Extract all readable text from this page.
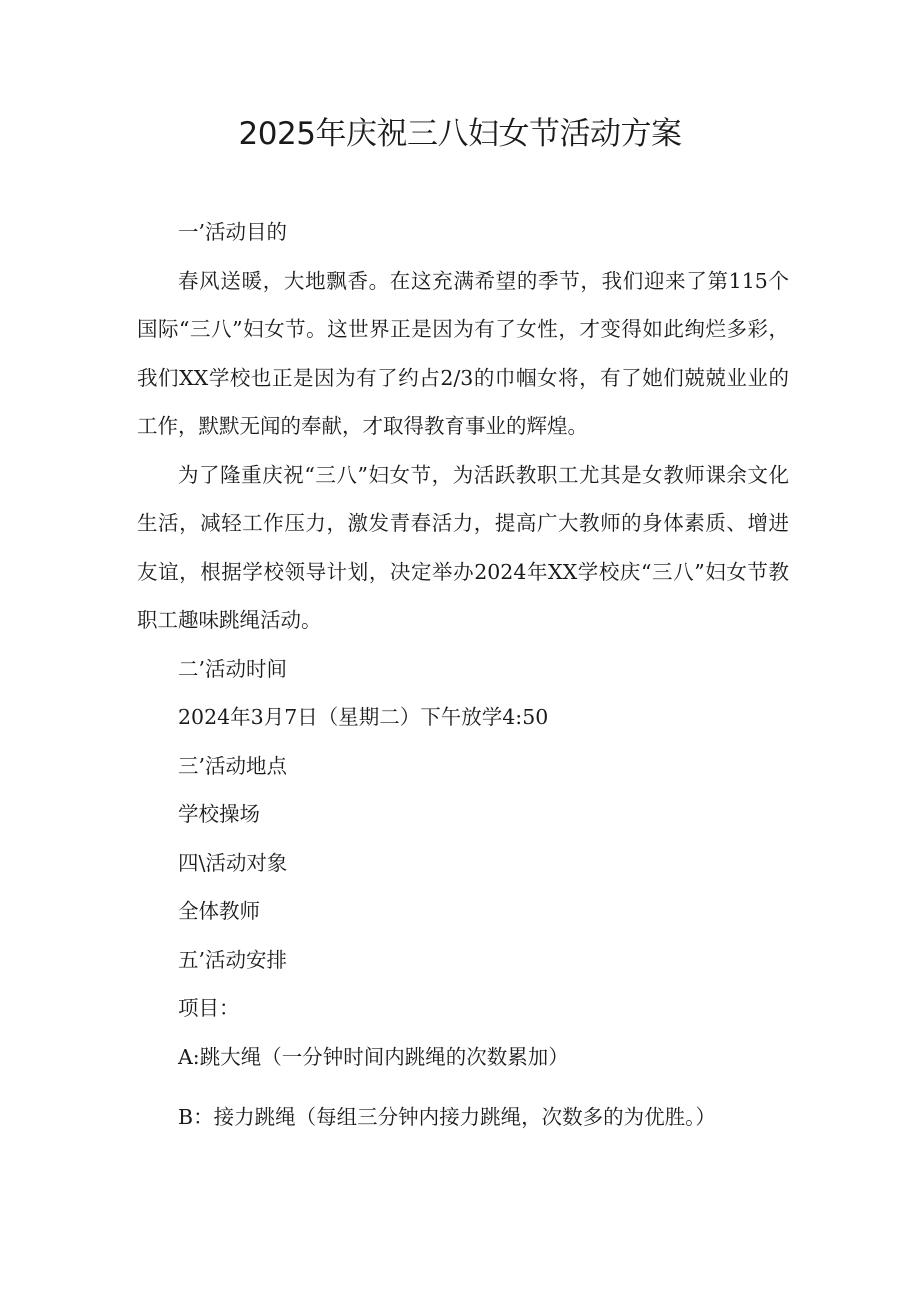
2025年庆祝三八妇女节活动方案

一’活动目的

春风送暖，大地飘香。在这充满希望的季节，我们迎来了第115个国际“三八”妇女节。这世界正是因为有了女性，才变得如此绚烂多彩，我们XX学校也正是因为有了约占2/3的巾帼女将，有了她们兢兢业业的工作，默默无闻的奉献，才取得教育事业的辉煌。

为了隆重庆祝“三八”妇女节，为活跃教职工尤其是女教师课余文化生活，减轻工作压力，激发青春活力，提高广大教师的身体素质、增进友谊，根据学校领导计划，决定举办2024年XX学校庆“三八”妇女节教职工趣味跳绳活动。

二’活动时间

2024年3月7日（星期二）下午放学4:50

三’活动地点

学校操场

四\活动对象

全体教师

五’活动安排

项目：

A:跳大绳（一分钟时间内跳绳的次数累加）

B：接力跳绳（每组三分钟内接力跳绳，次数多的为优胜。）
